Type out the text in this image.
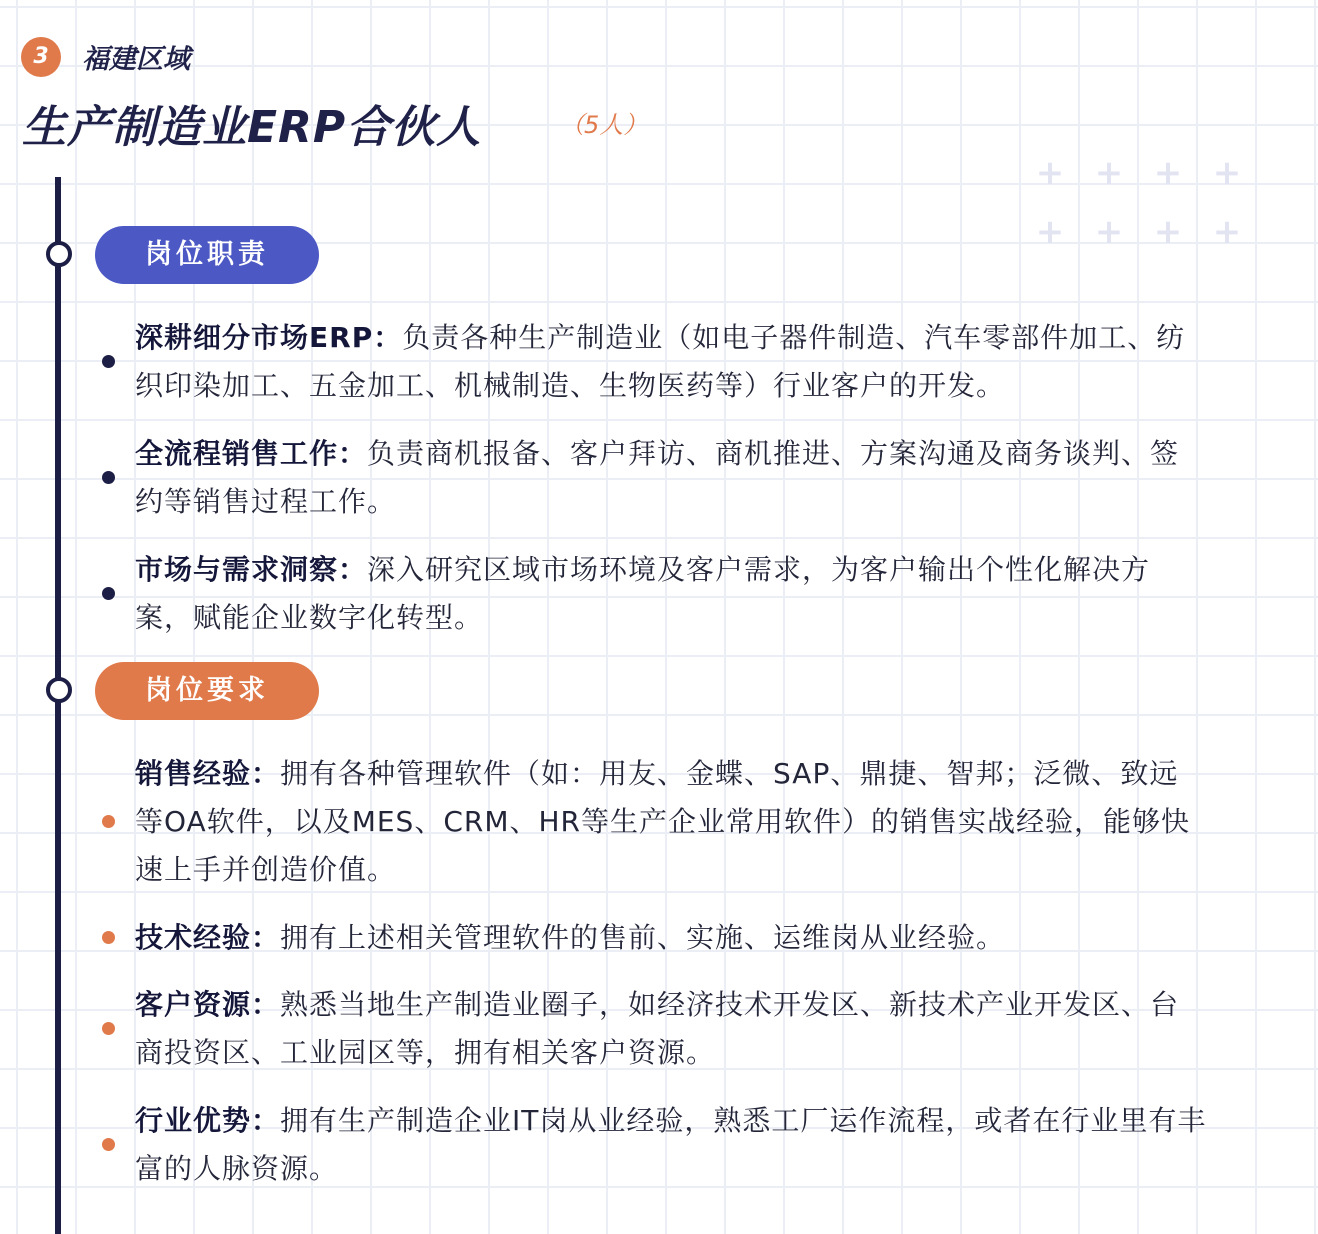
3	福建区域
生产制造业ERP合伙人	（5人）
+ + + +
+ + + +
岗位职责
深耕细分市场ERP：负责各种生产制造业（如电子器件制造、汽车零部件加工、纺织印染加工、五金加工、机械制造、生物医药等）行业客户的开发。
全流程销售工作：负责商机报备、客户拜访、商机推进、方案沟通及商务谈判、签约等销售过程工作。
市场与需求洞察：深入研究区域市场环境及客户需求，为客户输出个性化解决方案，赋能企业数字化转型。
岗位要求
销售经验：拥有各种管理软件（如：用友、金蝶、SAP、鼎捷、智邦；泛微、致远等OA软件，以及MES、CRM、HR等生产企业常用软件）的销售实战经验，能够快速上手并创造价值。
技术经验：拥有上述相关管理软件的售前、实施、运维岗从业经验。
客户资源：熟悉当地生产制造业圈子，如经济技术开发区、新技术产业开发区、台商投资区、工业园区等，拥有相关客户资源。
行业优势：拥有生产制造企业IT岗从业经验，熟悉工厂运作流程，或者在行业里有丰富的人脉资源。
